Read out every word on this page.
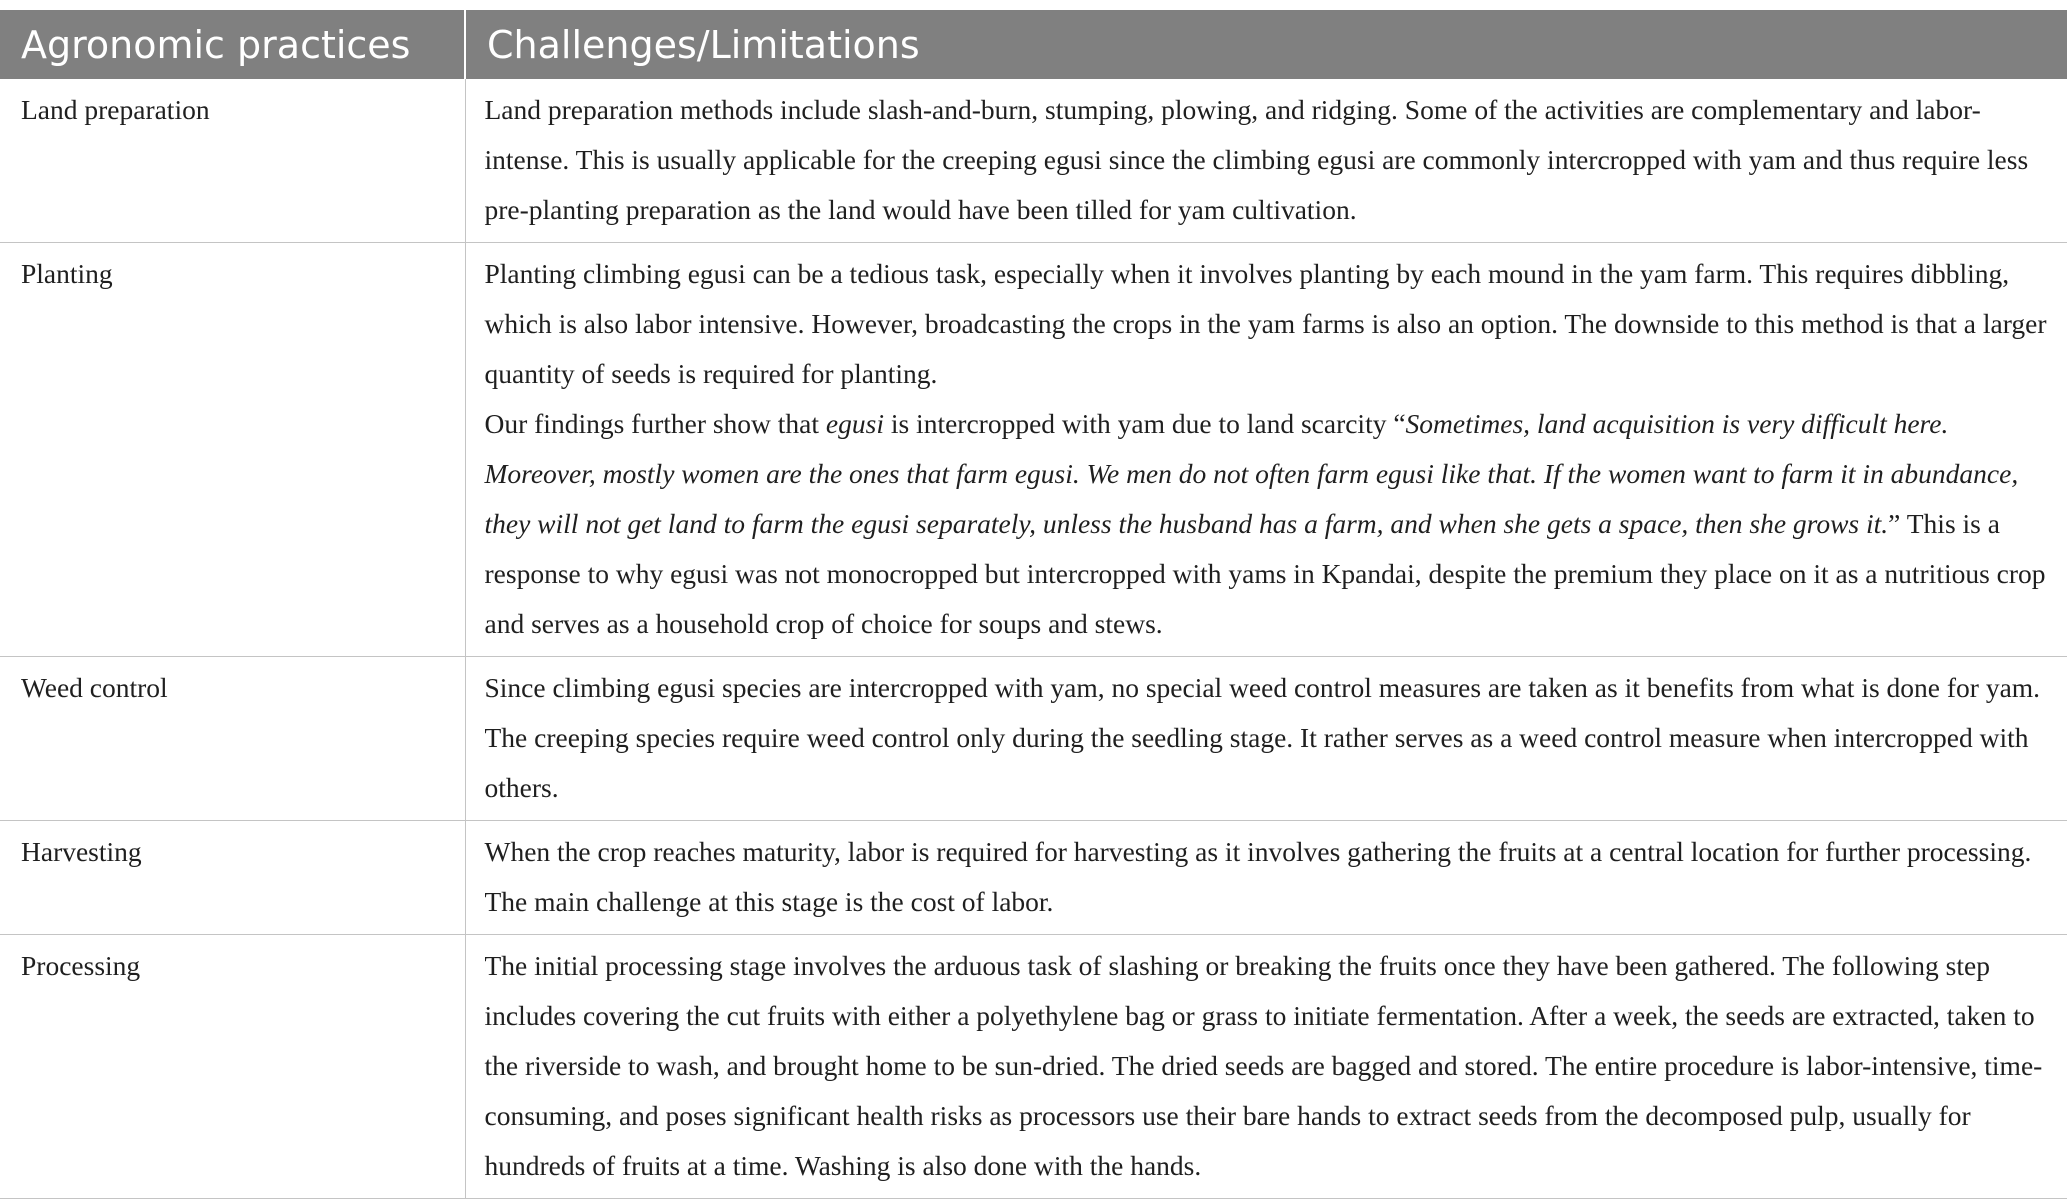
Agronomic practices	Challenges/Limitations
Land preparation	Land preparation methods include slash-and-burn, stumping, plowing, and ridging. Some of the activities are complementary and labor-intense. This is usually applicable for the creeping egusi since the climbing egusi are commonly intercropped with yam and thus require less pre-planting preparation as the land would have been tilled for yam cultivation.
Planting	Planting climbing egusi can be a tedious task, especially when it involves planting by each mound in the yam farm. This requires dibbling, which is also labor intensive. However, broadcasting the crops in the yam farms is also an option. The downside to this method is that a larger quantity of seeds is required for planting.
Our findings further show that egusi is intercropped with yam due to land scarcity “Sometimes, land acquisition is very difficult here. Moreover, mostly women are the ones that farm egusi. We men do not often farm egusi like that. If the women want to farm it in abundance, they will not get land to farm the egusi separately, unless the husband has a farm, and when she gets a space, then she grows it.” This is a response to why egusi was not monocropped but intercropped with yams in Kpandai, despite the premium they place on it as a nutritious crop and serves as a household crop of choice for soups and stews.

Weed control	Since climbing egusi species are intercropped with yam, no special weed control measures are taken as it benefits from what is done for yam. The creeping species require weed control only during the seedling stage. It rather serves as a weed control measure when intercropped with others.
Harvesting	When the crop reaches maturity, labor is required for harvesting as it involves gathering the fruits at a central location for further processing. The main challenge at this stage is the cost of labor.
Processing	The initial processing stage involves the arduous task of slashing or breaking the fruits once they have been gathered. The following step includes covering the cut fruits with either a polyethylene bag or grass to initiate fermentation. After a week, the seeds are extracted, taken to the riverside to wash, and brought home to be sun-dried. The dried seeds are bagged and stored. The entire procedure is labor-intensive, time-consuming, and poses significant health risks as processors use their bare hands to extract seeds from the decomposed pulp, usually for hundreds of fruits at a time. Washing is also done with the hands.
